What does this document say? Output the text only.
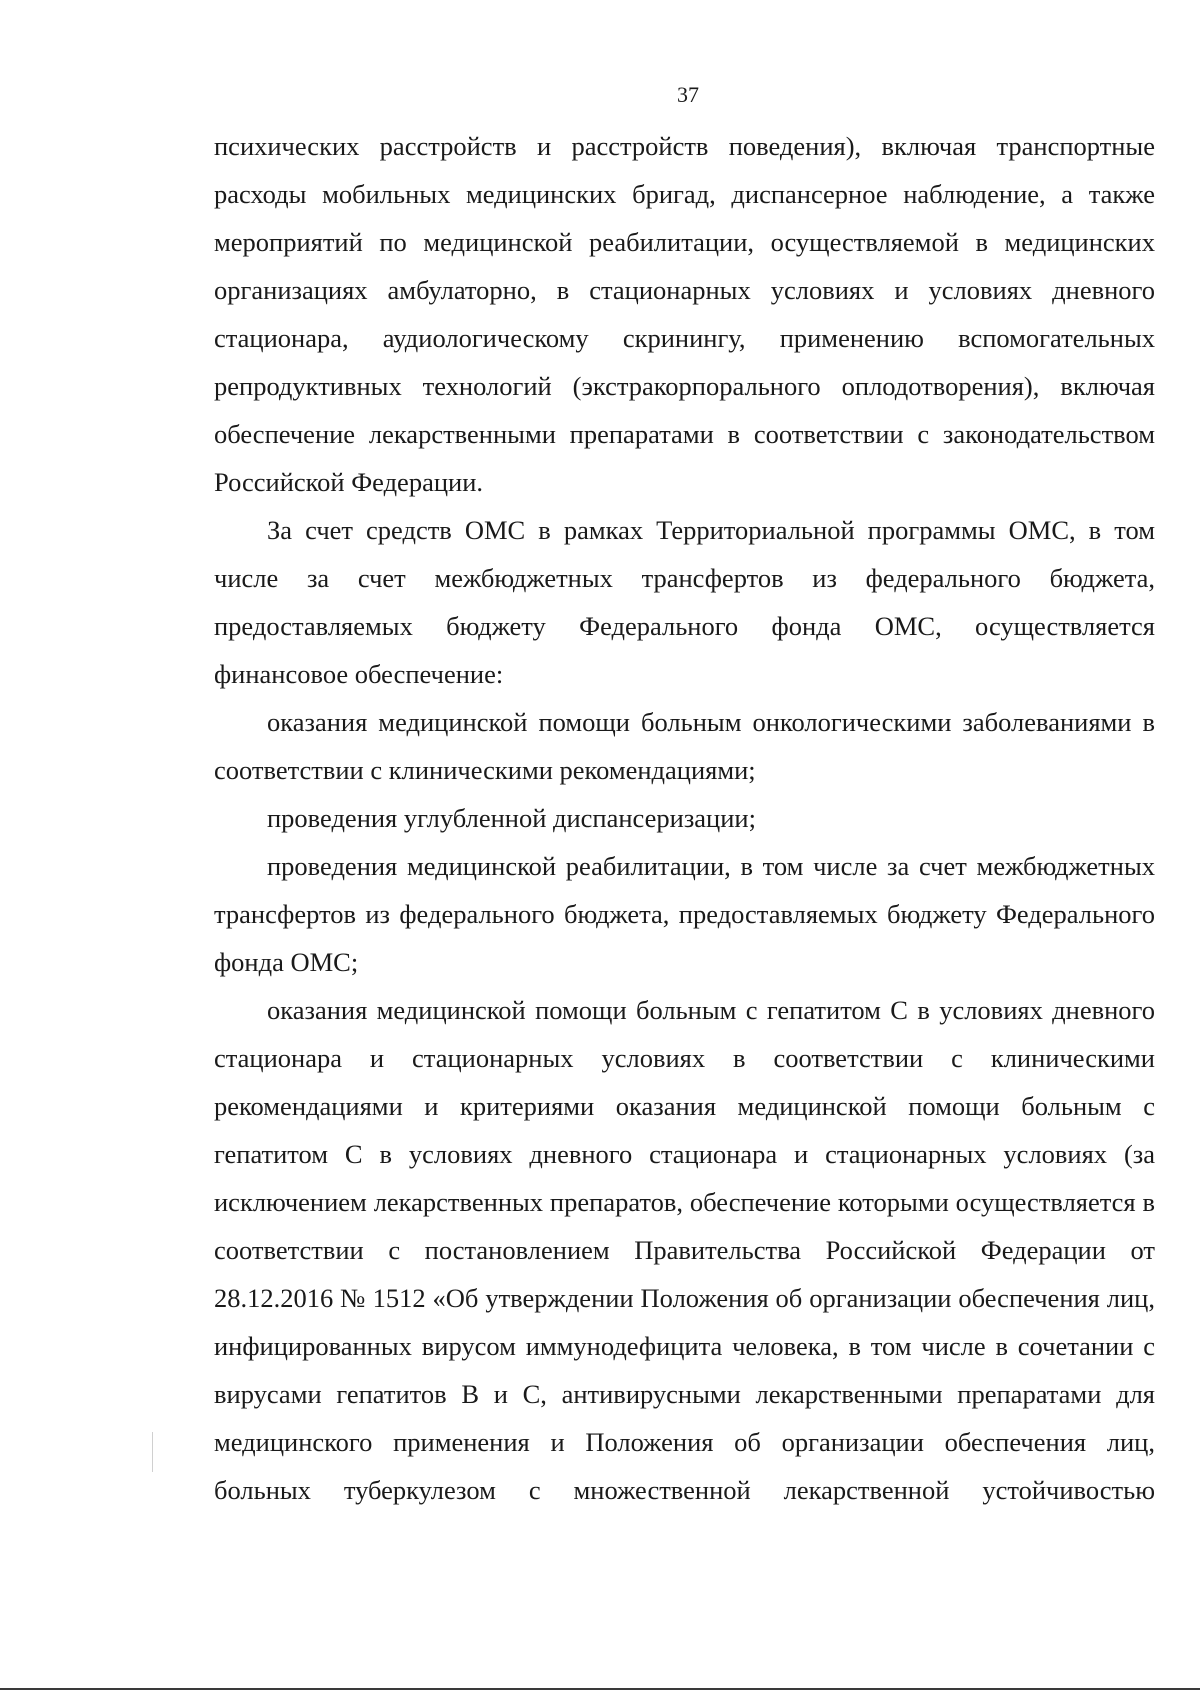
37

психических расстройств и расстройств поведения), включая транспортные расходы мобильных медицинских бригад, диспансерное наблюдение, а также мероприятий по медицинской реабилитации, осуществляемой в медицинских организациях амбулаторно, в стационарных условиях и условиях дневного стационара, аудиологическому скринингу, применению вспомогательных репродуктивных технологий (экстракорпорального оплодотворения), включая обеспечение лекарственными препаратами в соответствии с законодательством Российской Федерации.

За счет средств ОМС в рамках Территориальной программы ОМС, в том числе за счет межбюджетных трансфертов из федерального бюджета, предоставляемых бюджету Федерального фонда ОМС, осуществляется финансовое обеспечение:

оказания медицинской помощи больным онкологическими заболеваниями в соответствии с клиническими рекомендациями;

проведения углубленной диспансеризации;

проведения медицинской реабилитации, в том числе за счет межбюджетных трансфертов из федерального бюджета, предоставляемых бюджету Федерального фонда ОМС;

оказания медицинской помощи больным с гепатитом С в условиях дневного стационара и стационарных условиях в соответствии с клиническими рекомендациями и критериями оказания медицинской помощи больным с гепатитом С в условиях дневного стационара и стационарных условиях (за исключением лекарственных препаратов, обеспечение которыми осуществляется в соответствии с постановлением Правительства Российской Федерации от 28.12.2016 № 1512 «Об утверждении Положения об организации обеспечения лиц, инфицированных вирусом иммунодефицита человека, в том числе в сочетании с вирусами гепатитов В и С, антивирусными лекарственными препаратами для медицинского применения и Положения об организации обеспечения лиц, больных туберкулезом с множественной лекарственной устойчивостью
